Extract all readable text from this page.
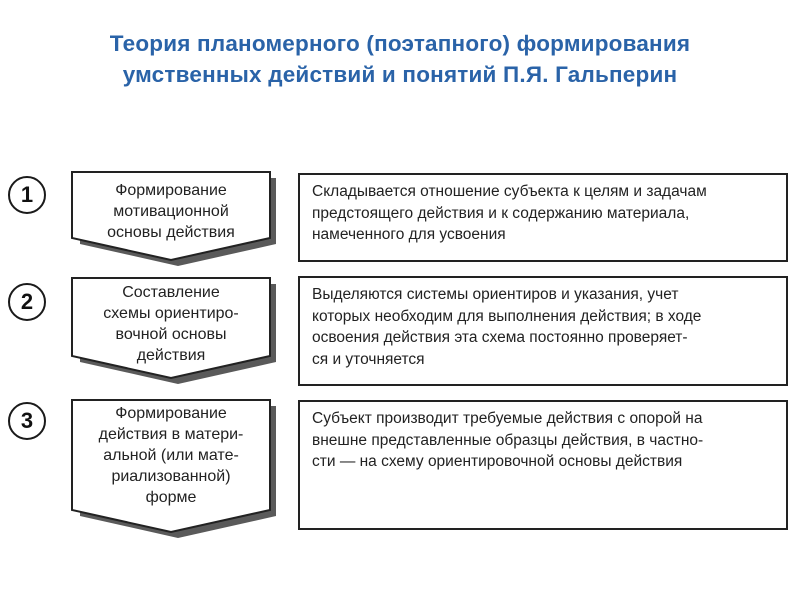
Теория планомерного (поэтапного) формирования
умственных действий и понятий П.Я. Гальперин
1	Формирование
мотивационной
основы действия
Складывается отношение субъекта к целям и задачам
предстоящего действия и к содержанию материала,
намеченного для усвоения
2	Составление
схемы ориентиро-
вочной основы
действия
Выделяются системы ориентиров и указания, учет
которых необходим для выполнения действия; в ходе
освоения действия эта схема постоянно проверяет-
ся и уточняется
3	Формирование
действия в матери-
альной (или мате-
риализованной)
форме
Субъект производит требуемые действия с опорой на
внешне представленные образцы действия, в частно-
сти — на схему ориентировочной основы действия
